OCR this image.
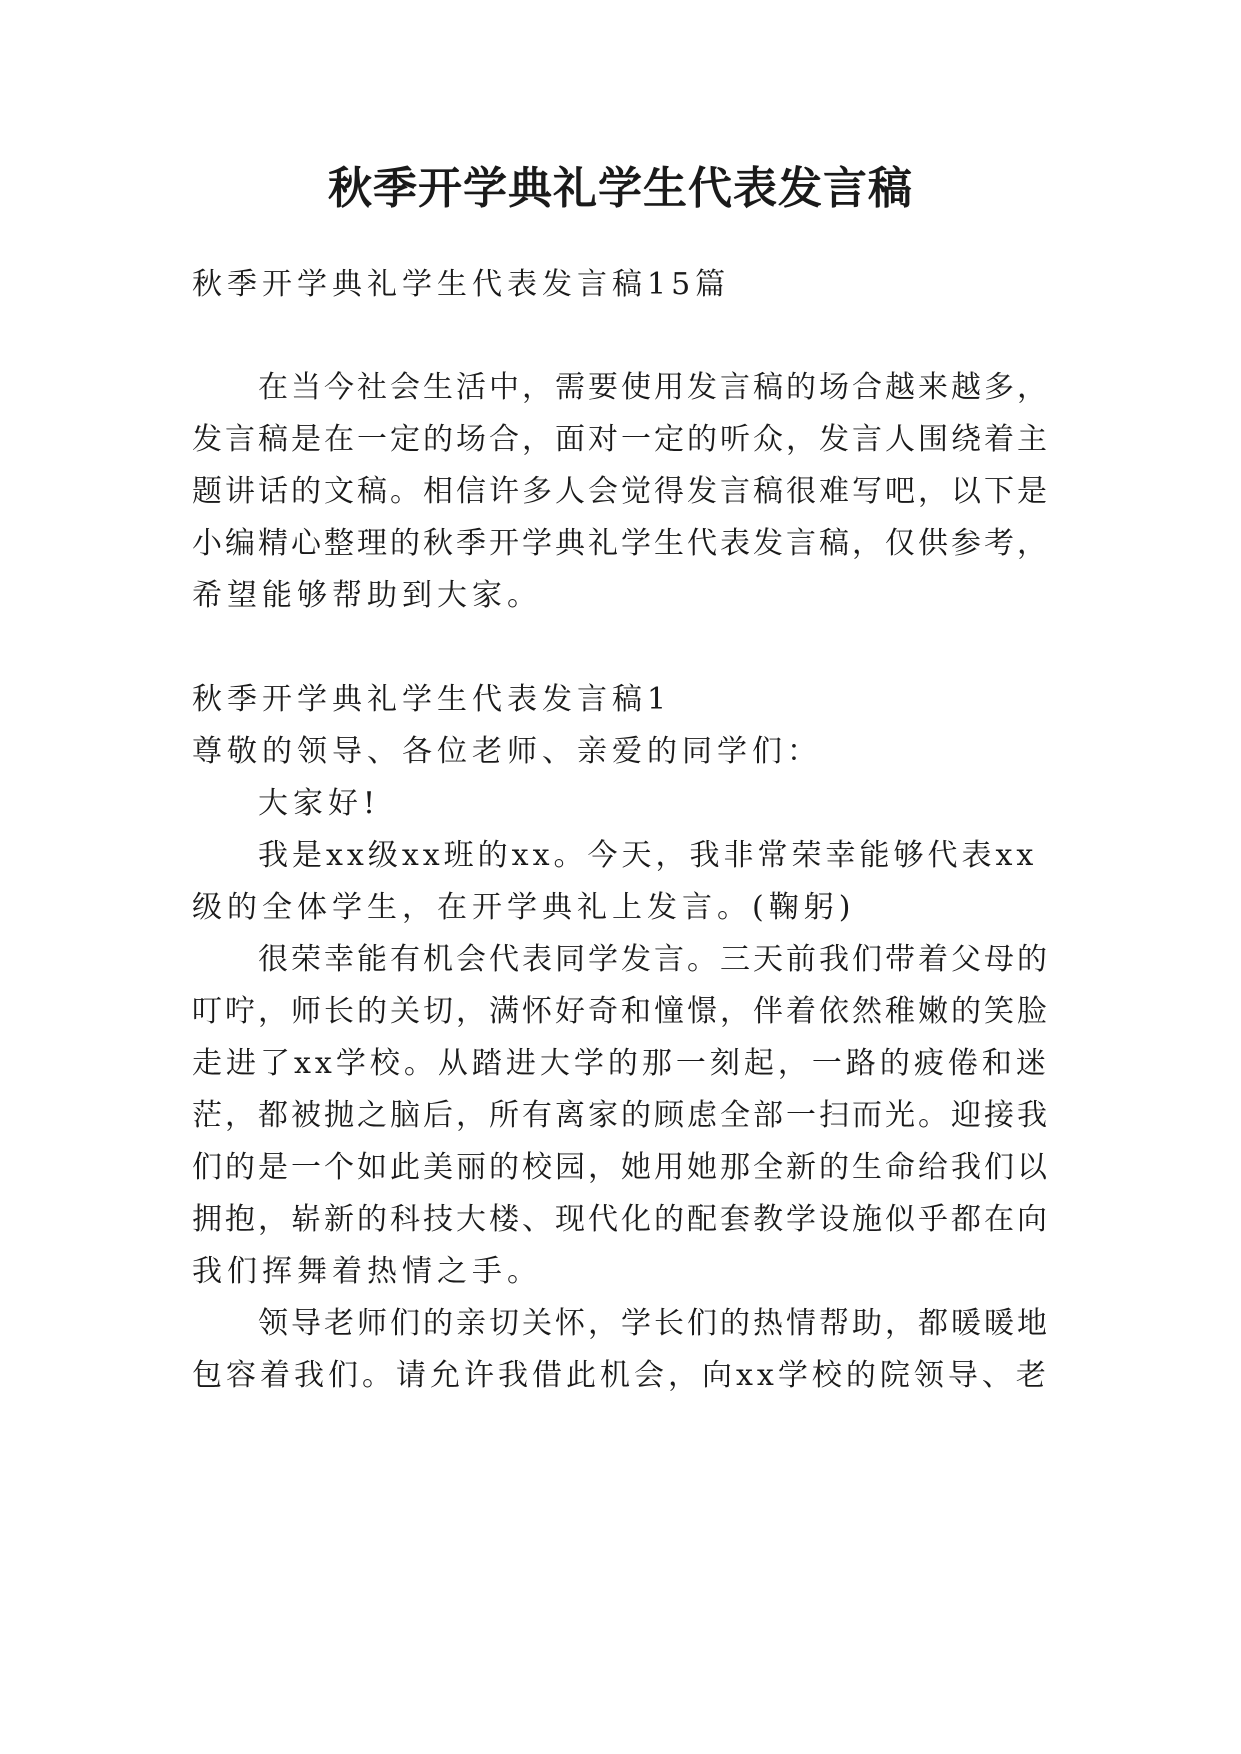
秋季开学典礼学生代表发言稿
秋季开学典礼学生代表发言稿15篇
在当今社会生活中，需要使用发言稿的场合越来越多，
发言稿是在一定的场合，面对一定的听众，发言人围绕着主
题讲话的文稿。相信许多人会觉得发言稿很难写吧，以下是
小编精心整理的秋季开学典礼学生代表发言稿，仅供参考，
希望能够帮助到大家。
秋季开学典礼学生代表发言稿1
尊敬的领导、各位老师、亲爱的同学们：
大家好!
我是xx级xx班的xx。今天，我非常荣幸能够代表xx
级的全体学生，在开学典礼上发言。(鞠躬)
很荣幸能有机会代表同学发言。三天前我们带着父母的
叮咛，师长的关切，满怀好奇和憧憬，伴着依然稚嫩的笑脸
走进了xx学校。从踏进大学的那一刻起，一路的疲倦和迷
茫，都被抛之脑后，所有离家的顾虑全部一扫而光。迎接我
们的是一个如此美丽的校园，她用她那全新的生命给我们以
拥抱，崭新的科技大楼、现代化的配套教学设施似乎都在向
我们挥舞着热情之手。
领导老师们的亲切关怀，学长们的热情帮助，都暖暖地
包容着我们。请允许我借此机会，向xx学校的院领导、老
